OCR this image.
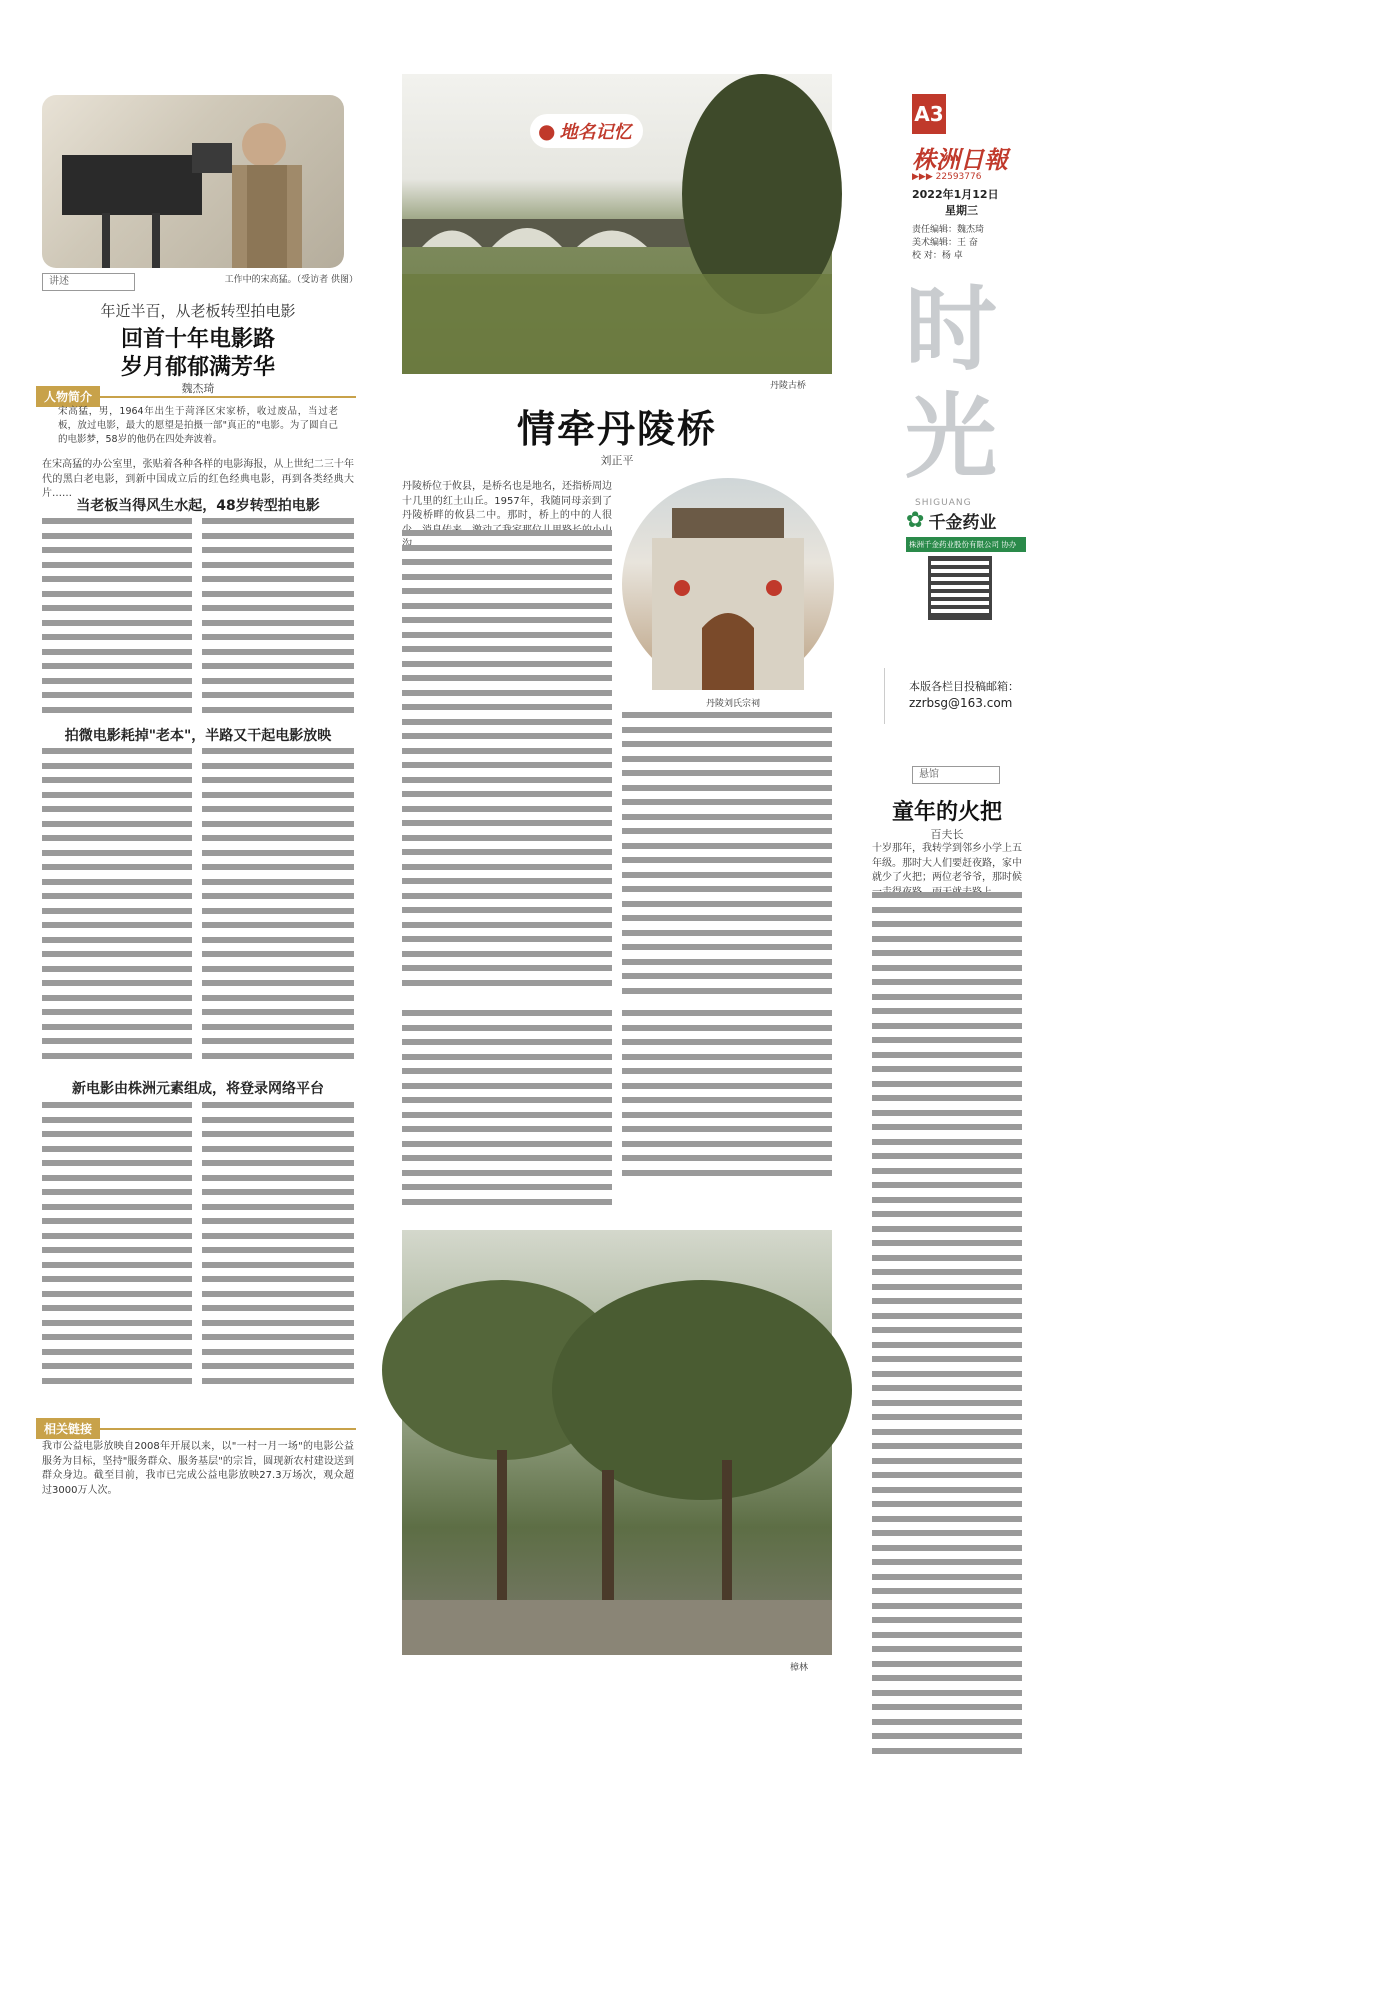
工作中的宋高猛。（受访者 供图）
讲述
年近半百，从老板转型拍电影
回首十年电影路
岁月郁郁满芳华
魏杰琦
人物简介
宋高猛，男，1964年出生于菏泽区宋家桥，收过废品，当过老板，放过电影，最大的愿望是拍摄一部"真正的"电影。为了圆自己的电影梦，58岁的他仍在四处奔波着。
在宋高猛的办公室里，张贴着各种各样的电影海报，从上世纪二三十年代的黑白老电影，到新中国成立后的红色经典电影，再到各类经典大片……
当老板当得风生水起，48岁转型拍电影
拍微电影耗掉"老本"，半路又干起电影放映
新电影由株洲元素组成，将登录网络平台
相关链接
我市公益电影放映自2008年开展以来，以"一村一月一场"的电影公益服务为目标，坚持"服务群众、服务基层"的宗旨，圆现新农村建设送到群众身边。截至目前，我市已完成公益电影放映27.3万场次，观众超过3000万人次。
● 地名记忆
丹陵古桥
情牵丹陵桥
刘正平
丹陵桥位于攸县，是桥名也是地名，还指桥周边十几里的红土山丘。1957年，我随同母亲到了丹陵桥畔的攸县二中。那时，桥上的中的人很
丹陵刘氏宗祠
樟林
A3
株洲日報
▶▶▶ 22593776
2022年1月12日
星期三
责任编辑：魏杰琦
美术编辑：王 奋
校 对：杨 卓
时光
SHIGUANG
✿ 千金药业
株洲千金药业股份有限公司 协办
本版各栏目投稿邮箱：
zzrbsg@163.com
悬馆
童年的火把
百夫长
十岁那年，我转学到邻乡小学上五年级。那时大人们要赶夜路，家中就少了火把；两位老爷爷，那时候
